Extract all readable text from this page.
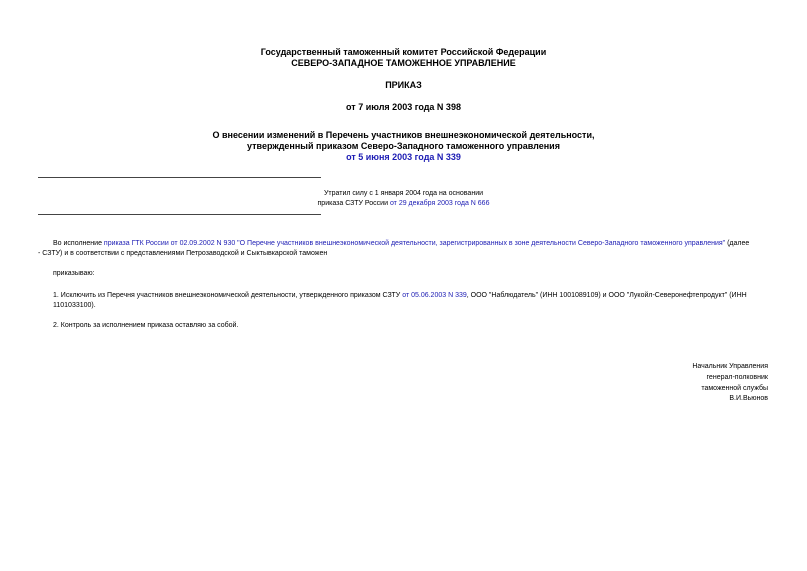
Государственный таможенный комитет Российской Федерации
СЕВЕРО-ЗАПАДНОЕ ТАМОЖЕННОЕ УПРАВЛЕНИЕ
ПРИКАЗ
от 7 июля 2003 года N 398
О внесении изменений в Перечень участников внешнеэкономической деятельности,
утвержденный приказом Северо-Западного таможенного управления
от 5 июня 2003 года N 339
Утратил силу с 1 января 2004 года на основании
приказа СЗТУ России от 29 декабря 2003 года N 666
Во исполнение приказа ГТК России от 02.09.2002 N 930 "О Перечне участников внешнеэкономической деятельности, зарегистрированных в зоне деятельности Северо-Западного таможенного управления" (далее
- СЗТУ) и в соответствии с представлениями Петрозаводской и Сыктывкарской таможен
приказываю:
1. Исключить из Перечня участников внешнеэкономической деятельности, утвержденного приказом СЗТУ от 05.06.2003 N 339, ООО "Наблюдатель" (ИНН 1001089109) и ООО "Лукойл-Северонефтепродукт" (ИНН
1101033100).
2. Контроль за исполнением приказа оставляю за собой.
Начальник Управления
генерал-полковник
таможенной службы
В.И.Вьюнов
